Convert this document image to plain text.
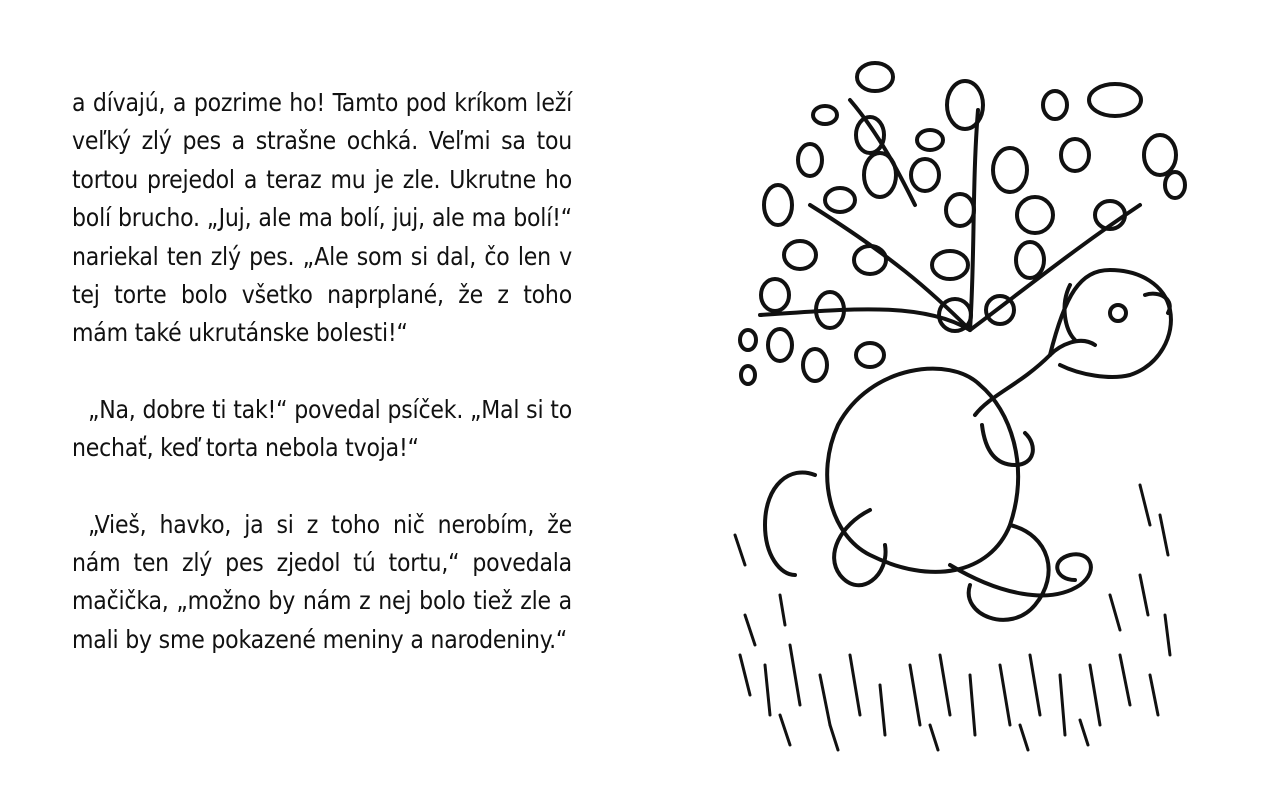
a dívajú, a pozrime ho! Tamto pod kríkom leží veľký zlý pes a strašne ochká. Veľmi sa tou tortou prejedol a teraz mu je zle. Ukrutne ho bolí brucho. „Juj, ale ma bolí, juj, ale ma bolí!“ nariekal ten zlý pes. „Ale som si dal, čo len v tej torte bolo všetko naprplané, že z toho mám také ukrutánske bolesti!“

„Na, dobre ti tak!“ povedal psíček. „Mal si to nechať, keď torta nebola tvoja!“

„Vieš, havko, ja si z toho nič nerobím, že nám ten zlý pes zjedol tú tortu,“ povedala mačička, „možno by nám z nej bolo tiež zle a mali by sme pokazené meniny a narodeniny.“
